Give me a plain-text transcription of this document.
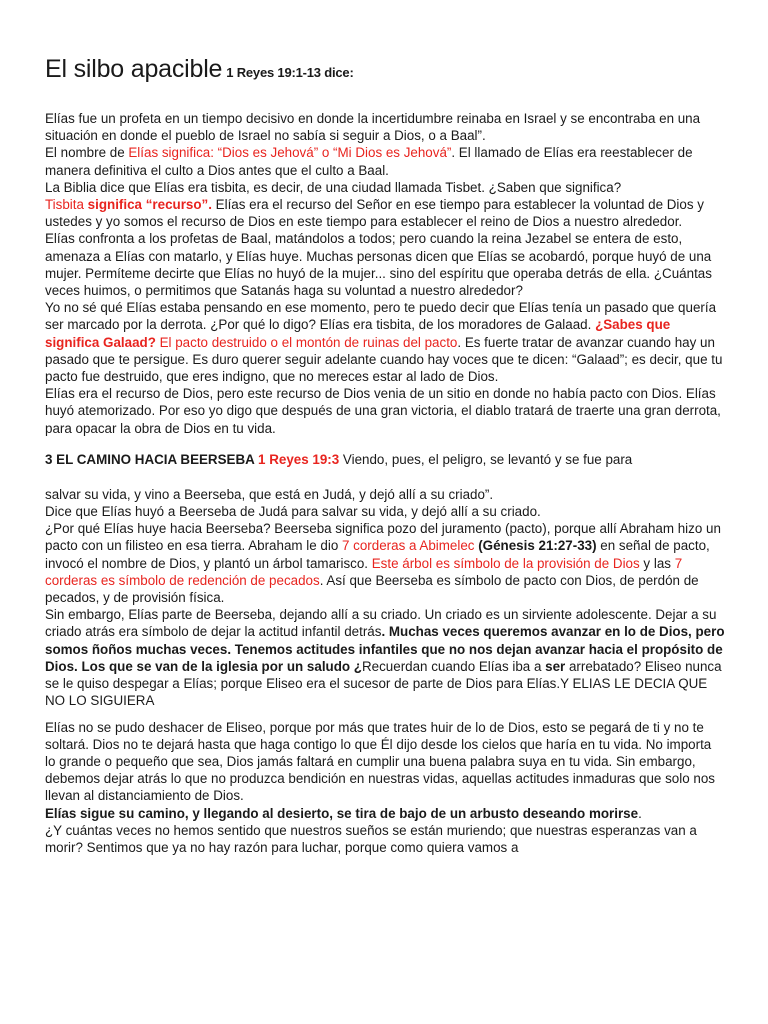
El silbo apacible 1 Reyes 19:1-13 dice:

Elías fue un profeta en un tiempo decisivo en donde la incertidumbre reinaba en Israel y se encontraba en una situación en donde el pueblo de Israel no sabía si seguir a Dios, o a Baal”.

El nombre de Elías significa: “Dios es Jehová” o “Mi Dios es Jehová”. El llamado de Elías era reestablecer de manera definitiva el culto a Dios antes que el culto a Baal.

La Biblia dice que Elías era tisbita, es decir, de una ciudad llamada Tisbet. ¿Saben que significa?

Tisbita significa “recurso”. Elías era el recurso del Señor en ese tiempo para establecer la voluntad de Dios y ustedes y yo somos el recurso de Dios en este tiempo para establecer el reino de Dios a nuestro alrededor.

Elías confronta a los profetas de Baal, matándolos a todos; pero cuando la reina Jezabel se entera de esto, amenaza a Elías con matarlo, y Elías huye. Muchas personas dicen que Elías se acobardó, porque huyó de una mujer. Permíteme decirte que Elías no huyó de la mujer... sino del espíritu que operaba detrás de ella. ¿Cuántas veces huimos, o permitimos que Satanás haga su voluntad a nuestro alrededor?

Yo no sé qué Elías estaba pensando en ese momento, pero te puedo decir que Elías tenía un pasado que quería ser marcado por la derrota. ¿Por qué lo digo? Elías era tisbita, de los moradores de Galaad. ¿Sabes que significa Galaad? El pacto destruido o el montón de ruinas del pacto. Es fuerte tratar de avanzar cuando hay un pasado que te persigue. Es duro querer seguir adelante cuando hay voces que te dicen: “Galaad”; es decir, que tu pacto fue destruido, que eres indigno, que no mereces estar al lado de Dios.

Elías era el recurso de Dios, pero este recurso de Dios venia de un sitio en donde no había pacto con Dios. Elías huyó atemorizado. Por eso yo digo que después de una gran victoria, el diablo tratará de traerte una gran derrota, para opacar la obra de Dios en tu vida.

3 EL CAMINO HACIA BEERSEBA 1 Reyes 19:3 Viendo, pues, el peligro, se levantó y se fue para

salvar su vida, y vino a Beerseba, que está en Judá, y dejó allí a su criado”.

Dice que Elías huyó a Beerseba de Judá para salvar su vida, y dejó allí a su criado.

¿Por qué Elías huye hacia Beerseba? Beerseba significa pozo del juramento (pacto), porque allí Abraham hizo un pacto con un filisteo en esa tierra. Abraham le dio 7 corderas a Abimelec (Génesis 21:27-33) en señal de pacto, invocó el nombre de Dios, y plantó un árbol tamarisco. Este árbol es símbolo de la provisión de Dios y las 7 corderas es símbolo de redención de pecados. Así que Beerseba es símbolo de pacto con Dios, de perdón de pecados, y de provisión física.

Sin embargo, Elías parte de Beerseba, dejando allí a su criado. Un criado es un sirviente adolescente. Dejar a su criado atrás era símbolo de dejar la actitud infantil detrás. Muchas veces queremos avanzar en lo de Dios, pero somos ñoños muchas veces. Tenemos actitudes infantiles que no nos dejan avanzar hacia el propósito de Dios. Los que se van de la iglesia por un saludo ¿Recuerdan cuando Elías iba a ser arrebatado? Eliseo nunca se le quiso despegar a Elías; porque Eliseo era el sucesor de parte de Dios para Elías.Y ELIAS LE DECIA QUE NO LO SIGUIERA

Elías no se pudo deshacer de Eliseo, porque por más que trates huir de lo de Dios, esto se pegará de ti y no te soltará. Dios no te dejará hasta que haga contigo lo que Él dijo desde los cielos que haría en tu vida. No importa lo grande o pequeño que sea, Dios jamás faltará en cumplir una buena palabra suya en tu vida. Sin embargo, debemos dejar atrás lo que no produzca bendición en nuestras vidas, aquellas actitudes inmaduras que solo nos llevan al distanciamiento de Dios.

Elías sigue su camino, y llegando al desierto, se tira de bajo de un arbusto deseando morirse.

¿Y cuántas veces no hemos sentido que nuestros sueños se están muriendo; que nuestras esperanzas van a morir? Sentimos que ya no hay razón para luchar, porque como quiera vamos a
